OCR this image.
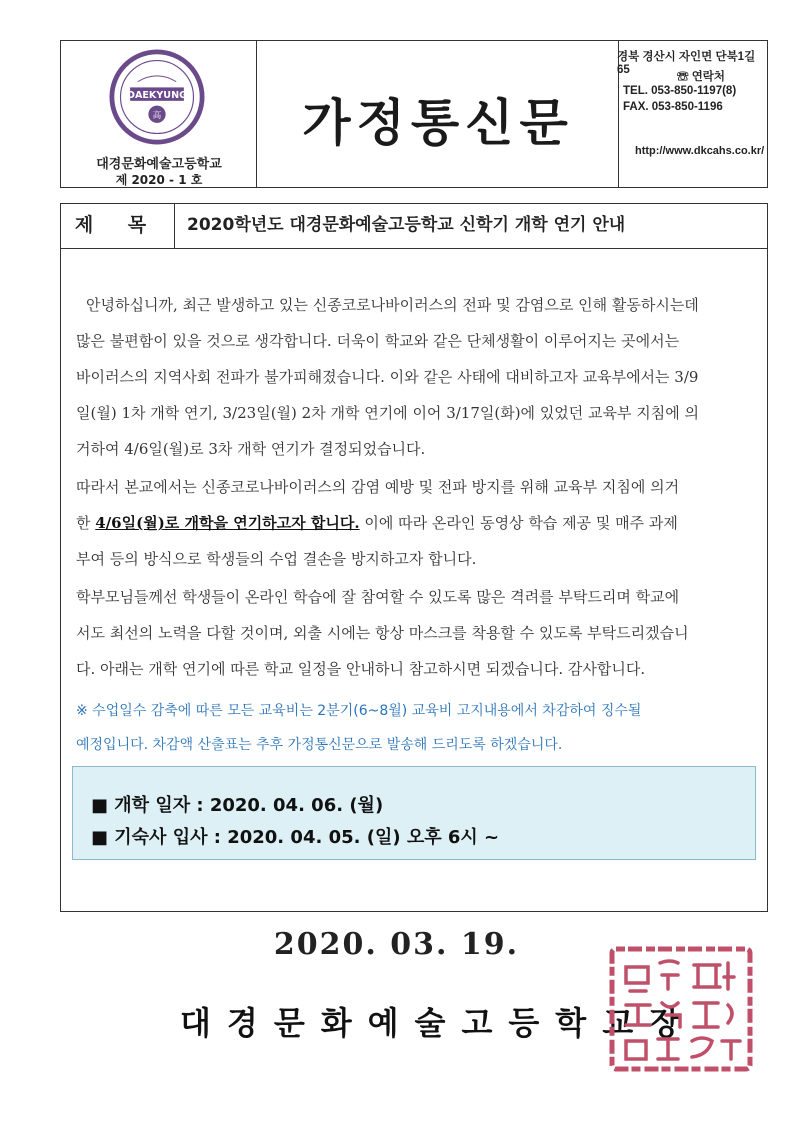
DAEKYUNG
高
대경문화예술고등학교
제 2020 - 1 호
가정통신문
경북 경산시 자인면 단북1길 65
☏ 연락처
TEL. 053-850-1197(8)
FAX. 053-850-1196
http://www.dkcahs.co.kr/
제 목	2020학년도 대경문화예술고등학교 신학기 개학 연기 안내
안녕하십니까, 최근 발생하고 있는 신종코로나바이러스의 전파 및 감염으로 인해 활동하시는데
많은 불편함이 있을 것으로 생각합니다. 더욱이 학교와 같은 단체생활이 이루어지는 곳에서는
바이러스의 지역사회 전파가 불가피해졌습니다. 이와 같은 사태에 대비하고자 교육부에서는 3/9
일(월) 1차 개학 연기, 3/23일(월) 2차 개학 연기에 이어 3/17일(화)에 있었던 교육부 지침에 의
거하여 4/6일(월)로 3차 개학 연기가 결정되었습니다.
따라서 본교에서는 신종코로나바이러스의 감염 예방 및 전파 방지를 위해 교육부 지침에 의거
한 4/6일(월)로 개학을 연기하고자 합니다. 이에 따라 온라인 동영상 학습 제공 및 매주 과제
부여 등의 방식으로 학생들의 수업 결손을 방지하고자 합니다.
학부모님들께선 학생들이 온라인 학습에 잘 참여할 수 있도록 많은 격려를 부탁드리며 학교에
서도 최선의 노력을 다할 것이며, 외출 시에는 항상 마스크를 착용할 수 있도록 부탁드리겠습니
다. 아래는 개학 연기에 따른 학교 일정을 안내하니 참고하시면 되겠습니다. 감사합니다.
※ 수업일수 감축에 따른 모든 교육비는 2분기(6~8월) 교육비 고지내용에서 차감하여 징수될
예정입니다. 차감액 산출표는 추후 가정통신문으로 발송해 드리도록 하겠습니다.
■ 개학 일자 : 2020. 04. 06. (월)
■ 기숙사 입사 : 2020. 04. 05. (일) 오후 6시 ~
2020. 03. 19.
대경문화예술고등학교장
